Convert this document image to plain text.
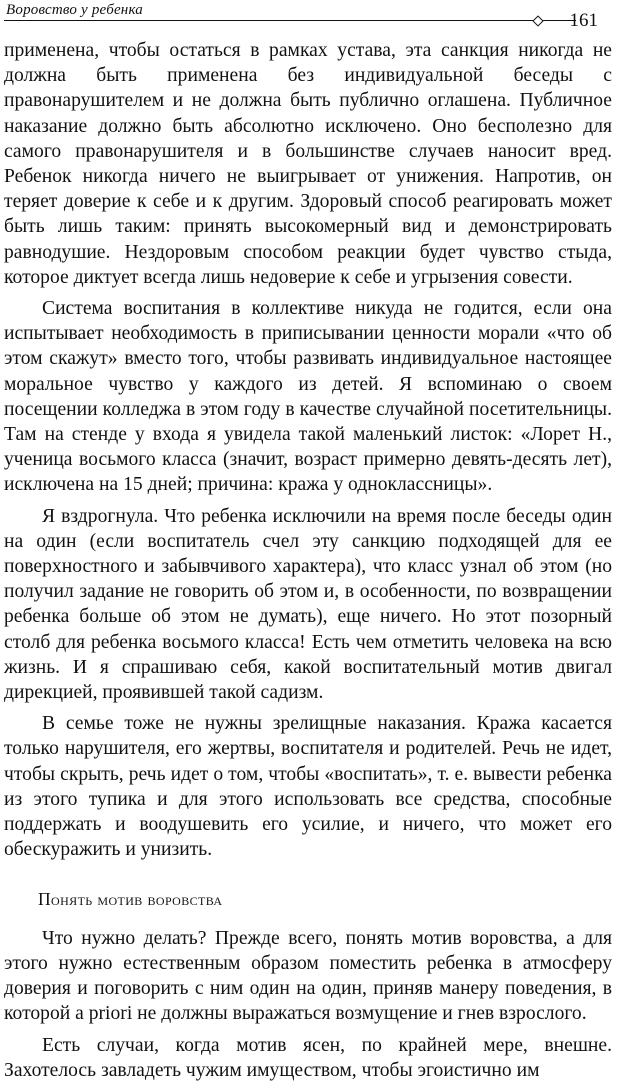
Воровство у ребенка	161

применена, чтобы остаться в рамках устава, эта санкция никогда не должна быть применена без индивидуальной беседы с правонарушителем и не должна быть публично оглашена. Публичное наказание должно быть абсолютно исключено. Оно бесполезно для самого правонарушителя и в большинстве случаев наносит вред. Ребенок никогда ничего не выигрывает от унижения. Напротив, он теряет доверие к себе и к другим. Здоровый способ реагировать может быть лишь таким: принять высокомерный вид и демонстрировать равнодушие. Нездоровым способом реакции будет чувство стыда, которое диктует всегда лишь недоверие к себе и угрызения совести.

Система воспитания в коллективе никуда не годится, если она испытывает необходимость в приписывании ценности морали «что об этом скажут» вместо того, чтобы развивать индивидуальное настоящее моральное чувство у каждого из детей. Я вспоминаю о своем посещении колледжа в этом году в качестве случайной посетительницы. Там на стенде у входа я увидела такой маленький листок: «Лорет Н., ученица восьмого класса (значит, возраст примерно девять-десять лет), исключена на 15 дней; причина: кража у одноклассницы».

Я вздрогнула. Что ребенка исключили на время после беседы один на один (если воспитатель счел эту санкцию подходящей для ее поверхностного и забывчивого характера), что класс узнал об этом (но получил задание не говорить об этом и, в особенности, по возвращении ребенка больше об этом не думать), еще ничего. Но этот позорный столб для ребенка восьмого класса! Есть чем отметить человека на всю жизнь. И я спрашиваю себя, какой воспитательный мотив двигал дирекцией, проявившей такой садизм.

В семье тоже не нужны зрелищные наказания. Кража касается только нарушителя, его жертвы, воспитателя и родителей. Речь не идет, чтобы скрыть, речь идет о том, чтобы «воспитать», т. е. вывести ребенка из этого тупика и для этого использовать все средства, способные поддержать и воодушевить его усилие, и ничего, что может его обескуражить и унизить.

Понять мотив воровства

Что нужно делать? Прежде всего, понять мотив воровства, а для этого нужно естественным образом поместить ребенка в атмосферу доверия и поговорить с ним один на один, приняв манеру поведения, в которой a priori не должны выражаться возмущение и гнев взрослого.

Есть случаи, когда мотив ясен, по крайней мере, внешне. Захотелось завладеть чужим имуществом, чтобы эгоистично им
